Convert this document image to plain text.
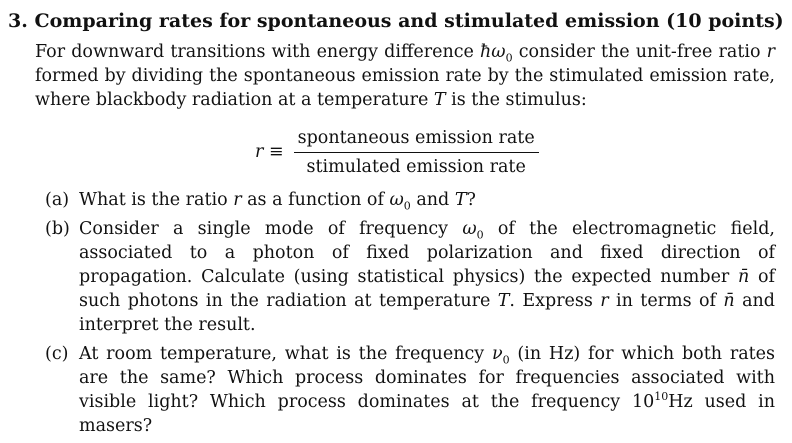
3. Comparing rates for spontaneous and stimulated emission (10 points)
For downward transitions with energy difference $ħ\omega_0$ consider the unit-free ratio r formed by dividing the spontaneous emission rate by the stimulated emission rate, where blackbody radiation at a temperature T is the stimulus:
$r \equiv \frac{\text{spontaneous emission rate}}{\text{stimulated emission rate}}$
(a) What is the ratio r as a function of $\omega_0$ and T?
(b) Consider a single mode of frequency $\omega_0$ of the electromagnetic field, associated to a photon of fixed polarization and fixed direction of propagation. Calculate (using statistical physics) the expected number n̄ of such photons in the radiation at temperature T. Express r in terms of n̄ and interpret the result.
(c) At room temperature, what is the frequency $\nu_0$ (in Hz) for which both rates are the same? Which process dominates for frequencies associated with visible light? Which process dominates at the frequency $10^{10}Hz$ used in masers?
